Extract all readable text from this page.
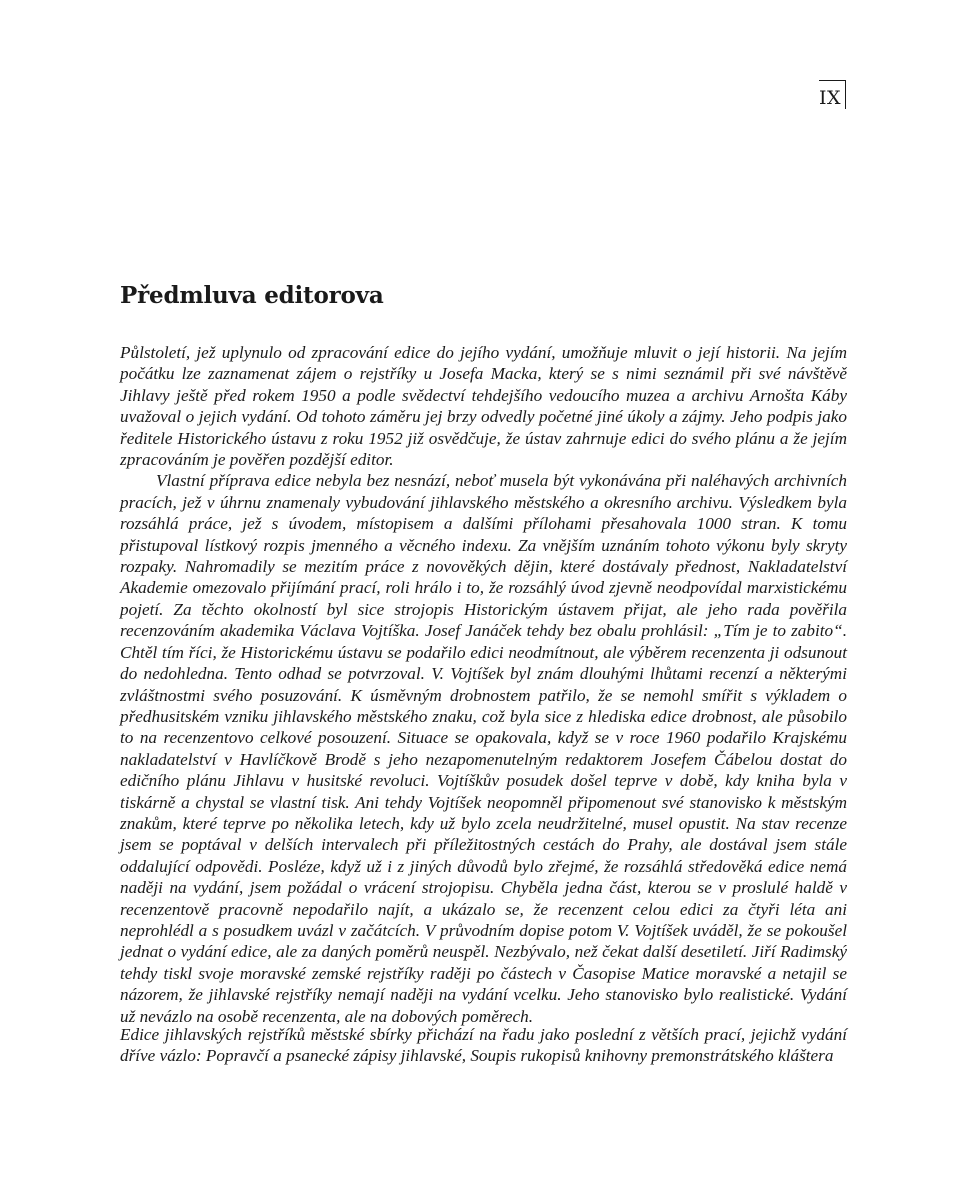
IX
Předmluva editorova

Půlstoletí, jež uplynulo od zpracování edice do jejího vydání, umožňuje mluvit o její historii. Na jejím počátku lze zaznamenat zájem o rejstříky u Josefa Macka, který se s nimi seznámil při své návštěvě Jihlavy ještě před rokem 1950 a podle svědectví tehdejšího vedoucího muzea a archivu Arnošta Káby uvažoval o jejich vydání. Od tohoto záměru jej brzy odvedly početné jiné úkoly a zájmy. Jeho podpis jako ředitele Historického ústavu z roku 1952 již osvědčuje, že ústav zahrnuje edici do svého plánu a že jejím zpracováním je pověřen pozdější editor.

Vlastní příprava edice nebyla bez nesnází, neboť musela být vykonávána při naléhavých archivních pracích, jež v úhrnu znamenaly vybudování jihlavského městského a okresního archivu. Výsledkem byla rozsáhlá práce, jež s úvodem, místopisem a dalšími přílohami přesahovala 1000 stran. K tomu přistupoval lístkový rozpis jmenného a věcného indexu. Za vnějším uznáním tohoto výkonu byly skryty rozpaky. Nahromadily se mezitím práce z novověkých dějin, které dostávaly přednost, Nakladatelství Akademie omezovalo přijímání prací, roli hrálo i to, že rozsáhlý úvod zjevně neodpovídal marxistickému pojetí. Za těchto okolností byl sice strojopis Historickým ústavem přijat, ale jeho rada pověřila recenzováním akademika Václava Vojtíška. Josef Janáček tehdy bez obalu prohlásil: „Tím je to zabito“. Chtěl tím říci, že Historickému ústavu se podařilo edici neodmítnout, ale výběrem recenzenta ji odsunout do nedohledna. Tento odhad se potvrzoval. V. Vojtíšek byl znám dlouhými lhůtami recenzí a některými zvláštnostmi svého posuzování. K úsměvným drobnostem patřilo, že se nemohl smířit s výkladem o předhusitském vzniku jihlavského městského znaku, což byla sice z hlediska edice drobnost, ale působilo to na recenzentovo celkové posouzení. Situace se opakovala, když se v roce 1960 podařilo Krajskému nakladatelství v Havlíčkově Brodě s jeho nezapomenutelným redaktorem Josefem Čábelou dostat do edičního plánu Jihlavu v husitské revoluci. Vojtíškův posudek došel teprve v době, kdy kniha byla v tiskárně a chystal se vlastní tisk. Ani tehdy Vojtíšek neopomněl připomenout své stanovisko k městským znakům, které teprve po několika letech, kdy už bylo zcela neudržitelné, musel opustit. Na stav recenze jsem se poptával v delších intervalech při příležitostných cestách do Prahy, ale dostával jsem stále oddalující odpovědi. Posléze, když už i z jiných důvodů bylo zřejmé, že rozsáhlá středověká edice nemá naději na vydání, jsem požádal o vrácení strojopisu. Chyběla jedna část, kterou se v proslulé haldě v recenzentově pracovně nepodařilo najít, a ukázalo se, že recenzent celou edici za čtyři léta ani neprohlédl a s posudkem uvázl v začátcích. V průvodním dopise potom V. Vojtíšek uváděl, že se pokoušel jednat o vydání edice, ale za daných poměrů neuspěl. Nezbývalo, než čekat další desetiletí. Jiří Radimský tehdy tiskl svoje moravské zemské rejstříky raději po částech v Časopise Matice moravské a netajil se názorem, že jihlavské rejstříky nemají naději na vydání vcelku. Jeho stanovisko bylo realistické. Vydání už nevázlo na osobě recenzenta, ale na dobových poměrech.

Edice jihlavských rejstříků městské sbírky přichází na řadu jako poslední z větších prací, jejichž vydání dříve vázlo: Popravčí a psanecké zápisy jihlavské, Soupis rukopisů knihovny premonstrátského kláštera
